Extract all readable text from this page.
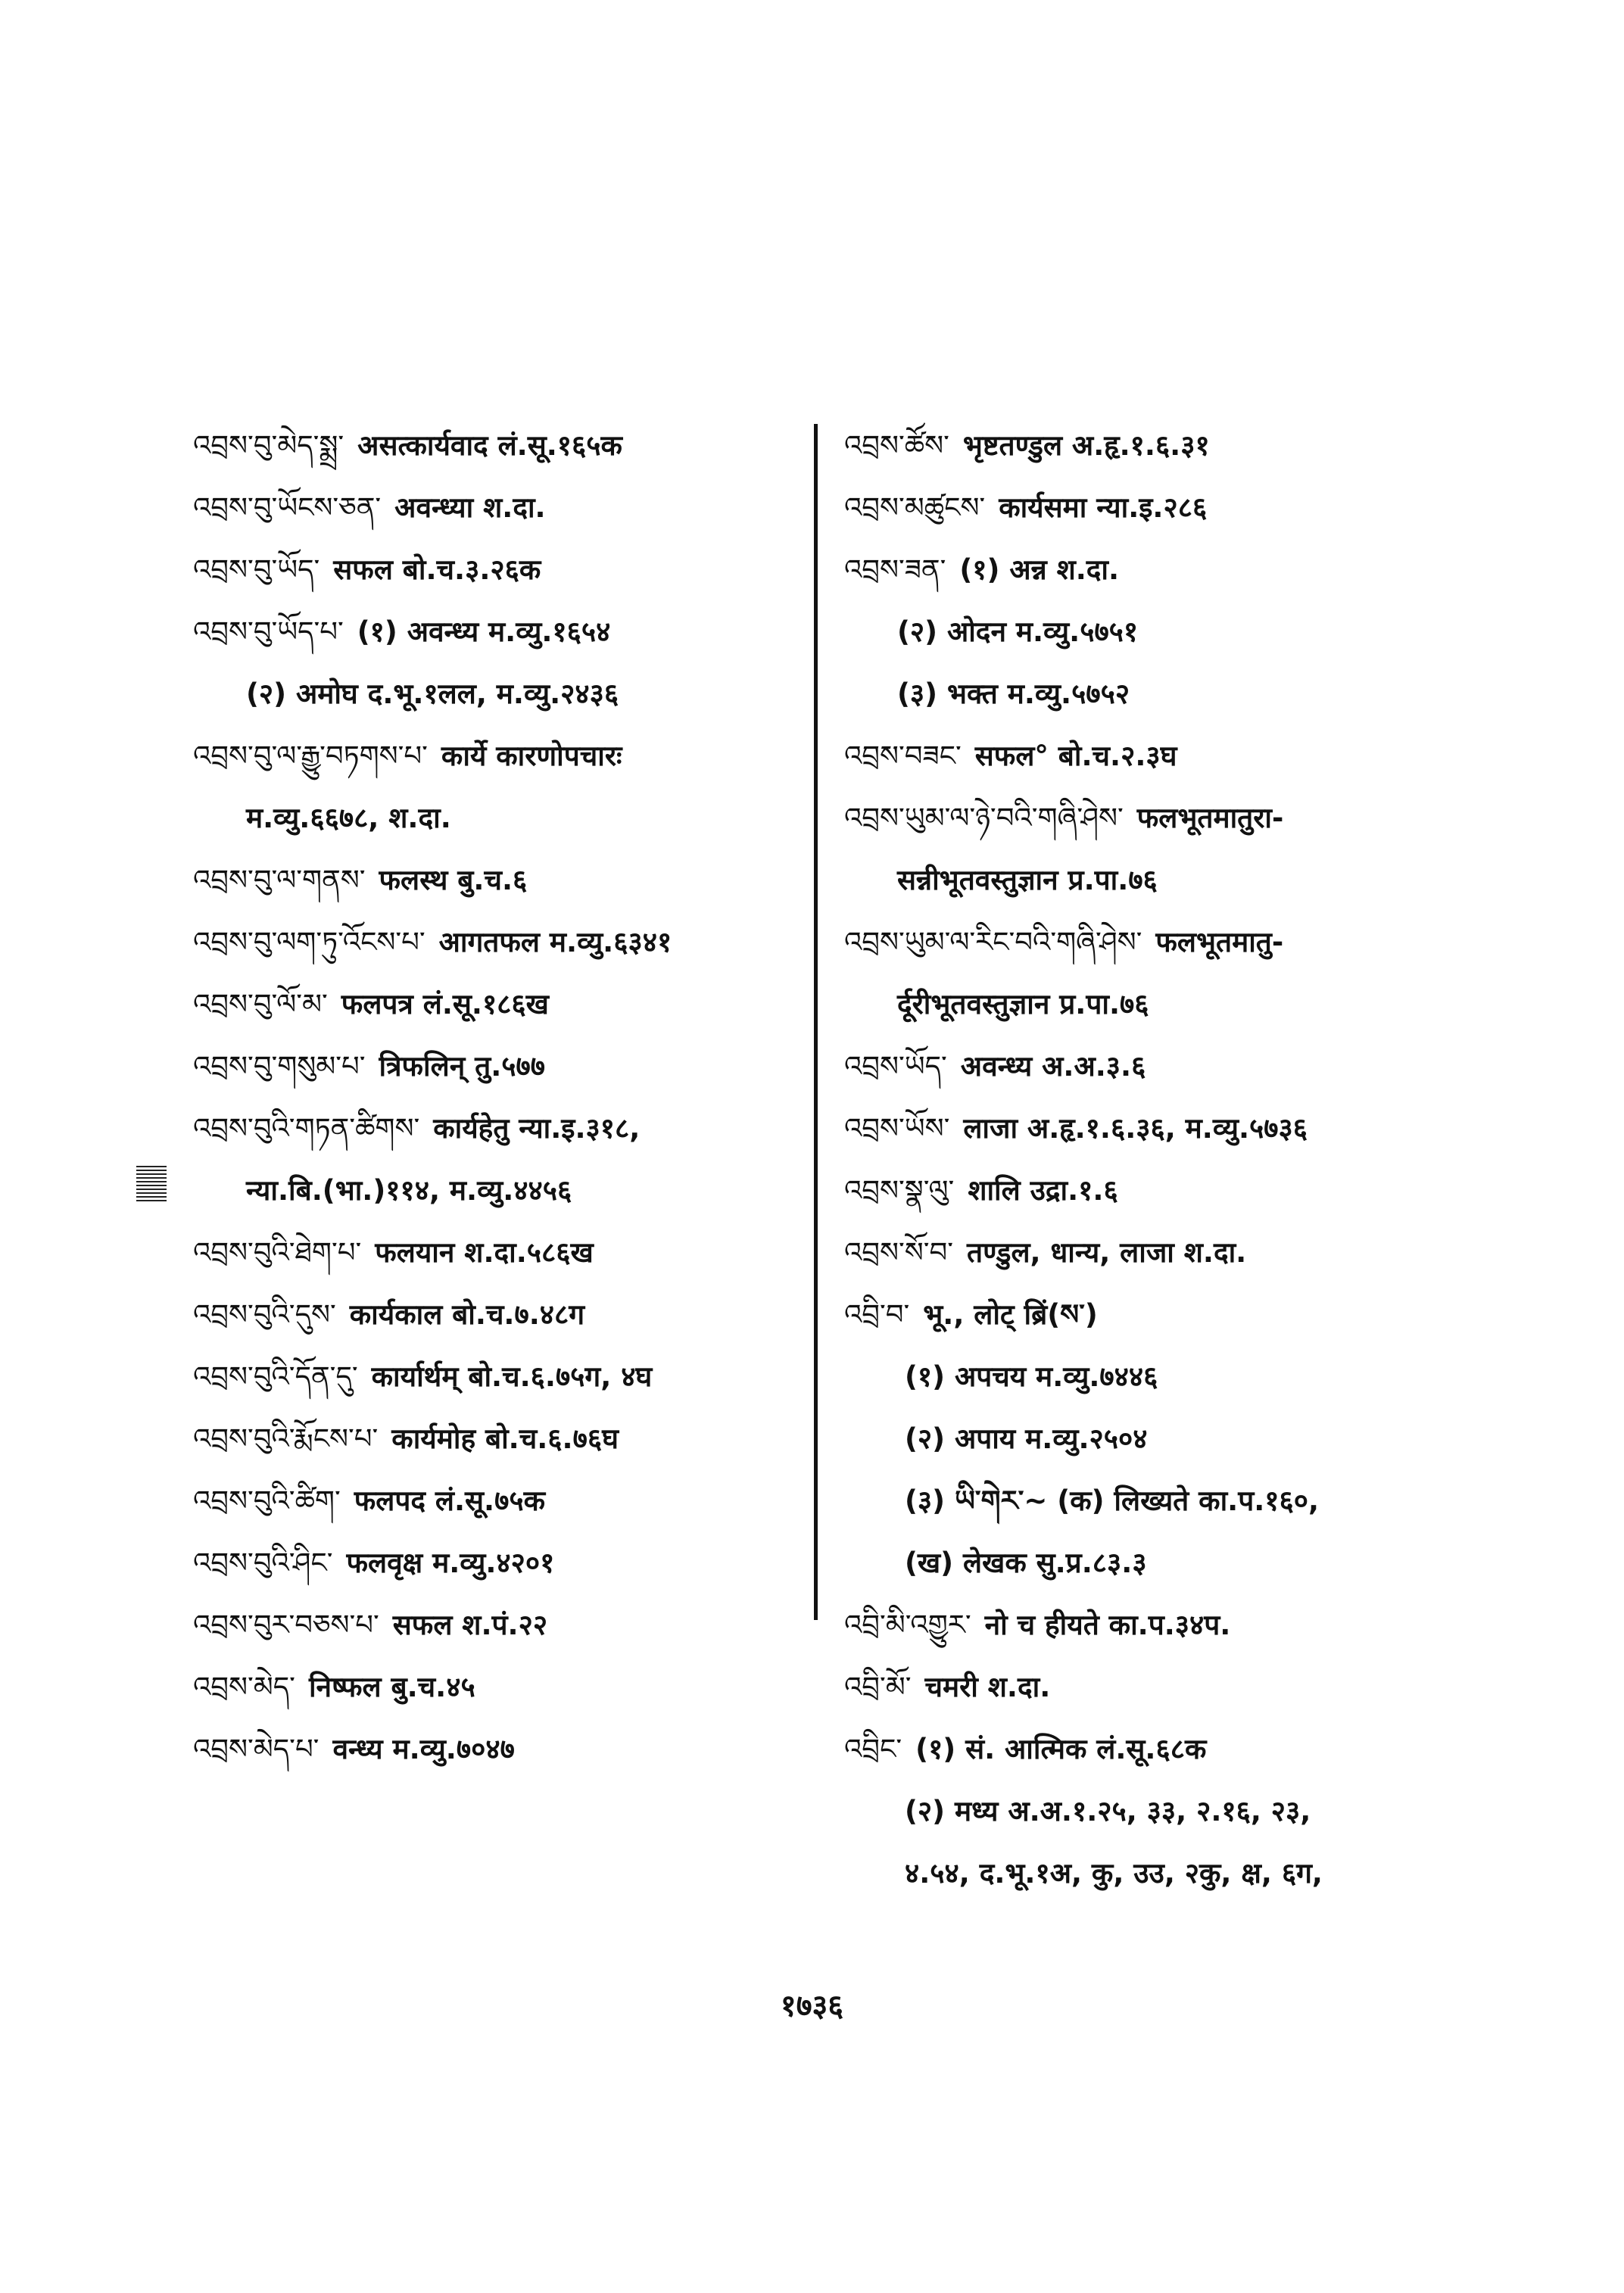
འབྲས་བུ་མེད་སྨྲ་ असत्कार्यवाद लं.सू.१६५क
འབྲས་བུ་ཡོངས་ཅན་ अवन्ध्या श.दा.
འབྲས་བུ་ཡོད་ सफल बो.च.३.२६क
འབྲས་བུ་ཡོད་པ་ (१) अवन्ध्य म.व्यु.१६५४
(२) अमोघ द.भू.१लल, म.व्यु.२४३६
འབྲས་བུ་ལ་རྒྱུ་བཏགས་པ་ कार्ये कारणोपचारः
म.व्यु.६६७८, श.दा.
འབྲས་བུ་ལ་གནས་ फलस्थ बु.च.६
འབྲས་བུ་ལག་ཏུ་འོངས་པ་ आगतफल म.व्यु.६३४१
འབྲས་བུ་ལོ་མ་ फलपत्र लं.सू.१८६ख
འབྲས་བུ་གསུམ་པ་ त्रिफलिन् तु.५७७
འབྲས་བུའི་གཏན་ཚིགས་ कार्यहेतु न्या.इ.३१८,
न्या.बि.(भा.)११४, म.व्यु.४४५६
འབྲས་བུའི་ཐེག་པ་ फलयान श.दा.५८६ख
འབྲས་བུའི་དུས་ कार्यकाल बो.च.७.४८ग
འབྲས་བུའི་དོན་དུ་ कार्यार्थम् बो.च.६.७५ग, ४घ
འབྲས་བུའི་རྨོངས་པ་ कार्यमोह बो.च.६.७६घ
འབྲས་བུའི་ཚིག་ फलपद लं.सू.७५क
འབྲས་བུའི་ཤིང་ फलवृक्ष म.व्यु.४२०१
འབྲས་བུར་བཅས་པ་ सफल श.पं.२२
འབྲས་མེད་ निष्फल बु.च.४५
འབྲས་མེད་པ་ वन्ध्य म.व्यु.७०४७
འབྲས་ཚོས་ भृष्टतण्डुल अ.हृ.१.६.३१
འབྲས་མཚུངས་ कार्यसमा न्या.इ.२८६
འབྲས་ཟན་ (१) अन्न श.दा.
(२) ओदन म.व्यु.५७५१
(३) भक्त म.व्यु.५७५२
འབྲས་བཟང་ सफल° बो.च.२.३घ
འབྲས་ཡུམ་ལ་ཉེ་བའི་གཞི་ཤེས་ फलभूतमातुरा-
सन्नीभूतवस्तुज्ञान प्र.पा.७६
འབྲས་ཡུམ་ལ་རིང་བའི་གཞི་ཤེས་ फलभूतमातु-
र्दूरीभूतवस्तुज्ञान प्र.पा.७६
འབྲས་ཡོད་ अवन्ध्य अ.अ.३.६
འབྲས་ཡོས་ लाजा अ.हृ.१.६.३६, म.व्यु.५७३६
འབྲས་སྣ་ལུ་ शालि उद्रा.१.६
འབྲས་སོ་བ་ तण्डुल, धान्य, लाजा श.दा.
འབྲི་བ་ भू., लोट् ब्रिं(ས་)
(१) अपचय म.व्यु.७४४६
(२) अपाय म.व्यु.२५०४
(३) ཡི་གེར་~ (क) लिख्यते का.प.१६०,
(ख) लेखक सु.प्र.८३.३
འབྲི་མི་འགྱུར་ नो च हीयते का.प.३४प.
འབྲི་མོ་ चमरी श.दा.
འབྲིང་ (१) सं. आत्मिक लं.सू.६८क
(२) मध्य अ.अ.१.२५, ३३, २.१६, २३,
४.५४, द.भू.१अ, कु, उउ, २कु, क्ष, ६ग,
१७३६
